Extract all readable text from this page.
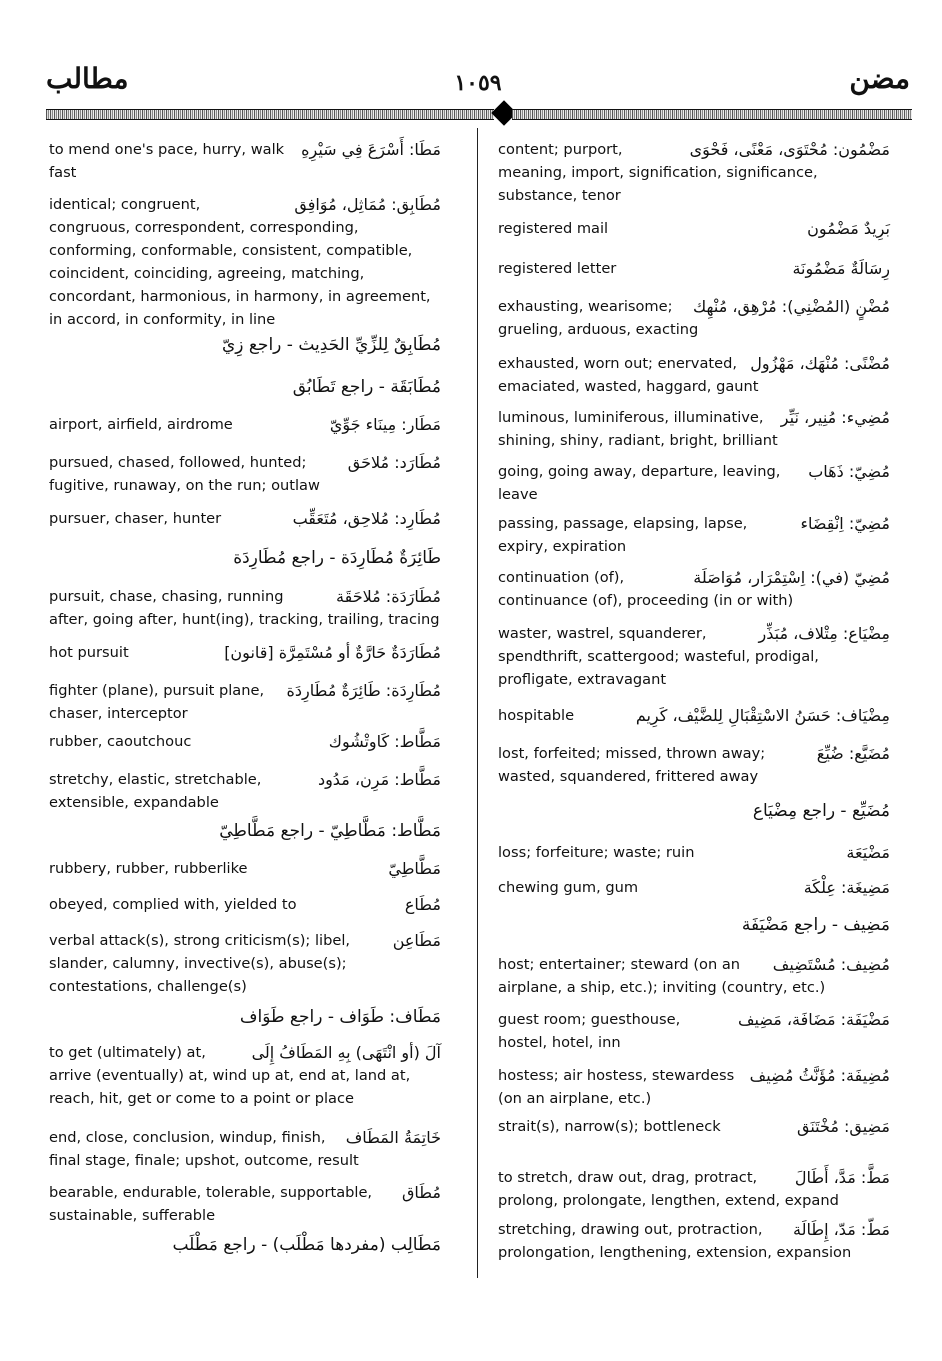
مطالب	١٠٥٩	مضن
مَطَا: أَسْرَعَ فِي سَيْرِهِ
to mend one's pace, hurry, walk fast
مُطَابِق: مُمَاثِل، مُوَافِق
identical; congruent, congruous, correspondent, corresponding, conforming, conformable, consistent, compatible, coincident, coinciding, agreeing, matching, concordant, harmonious, in harmony, in agreement, in accord, in conformity, in line
مُطَابِقٌ لِلزِّيِّ الحَدِيث - راجع زِيّ
مُطَابَقَة - راجع تَطَابُق
مَطَار: مِينَاء جَوِّيّ
airport, airfield, airdrome
مُطَارَد: مُلاحَق
pursued, chased, followed, hunted; fugitive, runaway, on the run; outlaw
مُطَارِد: مُلاحِق، مُتَعَقِّب
pursuer, chaser, hunter
طَائِرَةٌ مُطَارِدَة - راجع مُطَارِدَة
مُطَارَدَة: مُلاحَقَة
pursuit, chase, chasing, running after, going after, hunt(ing), tracking, trailing, tracing
مُطَارَدَةٌ حَارَّةٌ أو مُسْتَمِرَّة [قانون]
hot pursuit
مُطَارِدَة: طَائِرَةٌ مُطَارِدَة
fighter (plane), pursuit plane, chaser, interceptor
مَطَّاط: كَاوتْشُوك
rubber, caoutchouc
مَطَّاط: مَرِن، مَدُود
stretchy, elastic, stretchable, extensible, expandable
مَطَّاط: مَطَّاطِيّ - راجع مَطَّاطِيّ
مَطَّاطِيّ
rubbery, rubber, rubberlike
مُطَاع
obeyed, complied with, yielded to
مَطَاعِن
verbal attack(s), strong criticism(s); libel, slander, calumny, invective(s), abuse(s); contestations, challenge(s)
مَطَاف: طَوَاف - راجع طَوَاف
آلَ (أو انْتَهَى) بِهِ المَطَافُ إِلَى
to get (ultimately) at, arrive (eventually) at, wind up at, end at, land at, reach, hit, get or come to a point or place
خَاتِمَةُ المَطَاف
end, close, conclusion, windup, finish, final stage, finale; upshot, outcome, result
مُطَاق
bearable, endurable, tolerable, supportable, sustainable, sufferable
مَطَالِب (مفردها مَطْلَب) - راجع مَطْلَب
مَضْمُون: مُحْتَوَى، مَعْنًى، فَحْوَى
content; purport, meaning, import, signification, significance, substance, tenor
بَرِيدٌ مَضْمُون
registered mail
رِسَالَةٌ مَضْمُونَة
registered letter
مُضْنٍ (المُضْنِي): مُرْهِق، مُنْهِك
exhausting, wearisome; grueling, arduous, exacting
مُضْنًى: مُنْهَك، مَهْزُول
exhausted, worn out; enervated, emaciated, wasted, haggard, gaunt
مُضِيء: مُنِير، نَيِّر
luminous, luminiferous, illuminative, shining, shiny, radiant, bright, brilliant
مُضِيّ: ذَهَاب
going, going away, departure, leaving, leave
مُضِيّ: اِنْقِضَاء
passing, passage, elapsing, lapse, expiry, expiration
مُضِيّ (في): اِسْتِمْرَار، مُوَاصَلَة
continuation (of), continuance (of), proceeding (in or with)
مِضْيَاع: مِتْلاف، مُبَذِّر
waster, wastrel, squanderer, spendthrift, scattergood; wasteful, prodigal, profligate, extravagant
مِضْيَاف: حَسَنُ الاسْتِقْبَالِ لِلضَّيْف، كَرِيم
hospitable
مُضَيَّع: ضُيِّعَ
lost, forfeited; missed, thrown away; wasted, squandered, frittered away
مُضَيِّع - راجع مِضْيَاع
مَضْيَعَة
loss; forfeiture; waste; ruin
مَضِيغَة: عِلْكَة
chewing gum, gum
مَضِيف - راجع مَضْيَفَة
مُضِيف: مُسْتَضِيف
host; entertainer; steward (on an airplane, a ship, etc.); inviting (country, etc.)
مَضْيَفَة: مَضَافَة، مَضِيف
guest room; guesthouse, hostel, hotel, inn
مُضِيفَة: مُؤَنَّثُ مُضِيف
hostess; air hostess, stewardess (on an airplane, etc.)
مَضِيق: مُخْتَنَق
strait(s), narrow(s); bottleneck
مَطَّ: مَدَّ، أَطَالَ
to stretch, draw out, drag, protract, prolong, prolongate, lengthen, extend, expand
مَطّ: مَدّ، إِطَالَة
stretching, drawing out, protraction, prolongation, lengthening, extension, expansion
